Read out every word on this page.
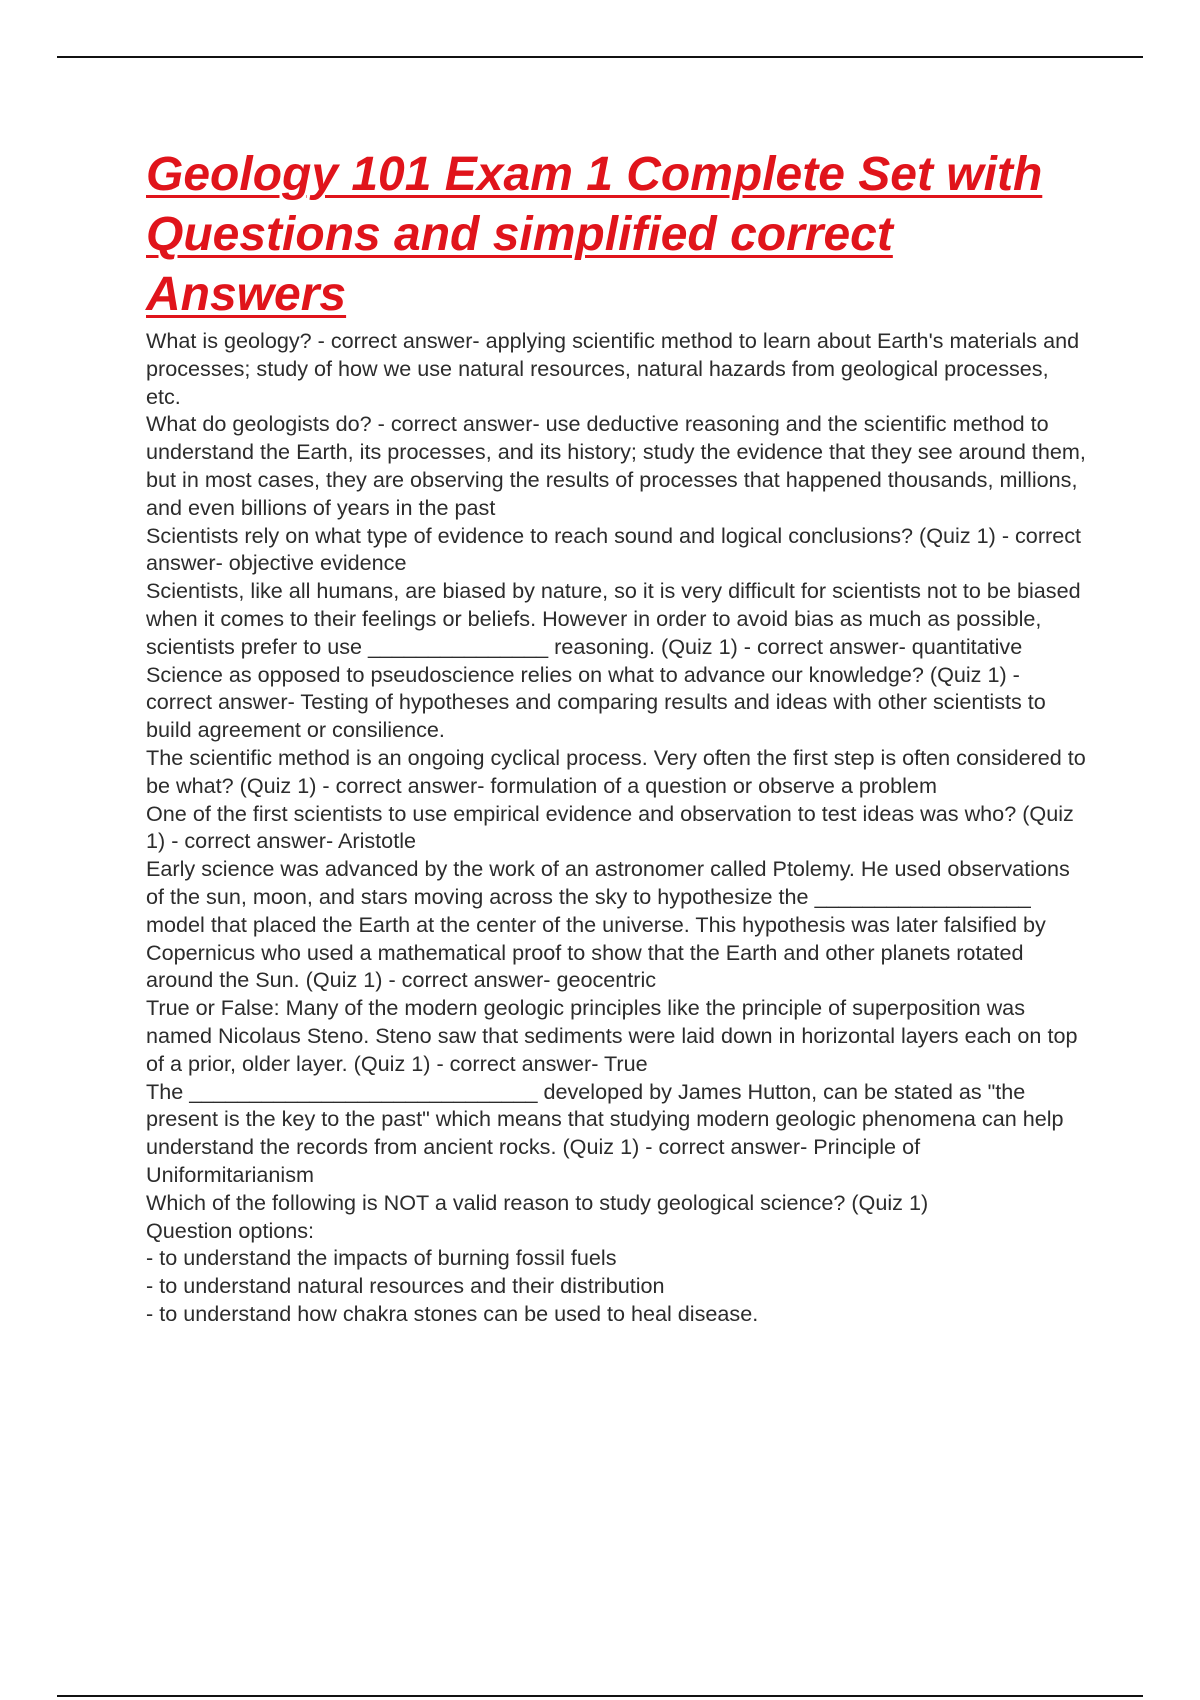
Geology 101 Exam 1 Complete Set with Questions and simplified correct Answers

What is geology? - correct answer- applying scientific method to learn about Earth's materials and processes; study of how we use natural resources, natural hazards from geological processes, etc.

What do geologists do? - correct answer- use deductive reasoning and the scientific method to understand the Earth, its processes, and its history; study the evidence that they see around them, but in most cases, they are observing the results of processes that happened thousands, millions, and even billions of years in the past

Scientists rely on what type of evidence to reach sound and logical conclusions? (Quiz 1) - correct answer- objective evidence

Scientists, like all humans, are biased by nature, so it is very difficult for scientists not to be biased when it comes to their feelings or beliefs. However in order to avoid bias as much as possible, scientists prefer to use _______________ reasoning. (Quiz 1) - correct answer- quantitative

Science as opposed to pseudoscience relies on what to advance our knowledge? (Quiz 1) - correct answer- Testing of hypotheses and comparing results and ideas with other scientists to build agreement or consilience.

The scientific method is an ongoing cyclical process. Very often the first step is often considered to be what? (Quiz 1) - correct answer- formulation of a question or observe a problem

One of the first scientists to use empirical evidence and observation to test ideas was who? (Quiz 1) - correct answer- Aristotle

Early science was advanced by the work of an astronomer called Ptolemy. He used observations of the sun, moon, and stars moving across the sky to hypothesize the __________________ model that placed the Earth at the center of the universe. This hypothesis was later falsified by Copernicus who used a mathematical proof to show that the Earth and other planets rotated around the Sun. (Quiz 1) - correct answer- geocentric

True or False: Many of the modern geologic principles like the principle of superposition was named Nicolaus Steno. Steno saw that sediments were laid down in horizontal layers each on top of a prior, older layer. (Quiz 1) - correct answer- True

The _____________________________ developed by James Hutton, can be stated as "the present is the key to the past" which means that studying modern geologic phenomena can help understand the records from ancient rocks. (Quiz 1) - correct answer- Principle of Uniformitarianism

Which of the following is NOT a valid reason to study geological science? (Quiz 1)

Question options:

- to understand the impacts of burning fossil fuels

- to understand natural resources and their distribution

- to understand how chakra stones can be used to heal disease.
